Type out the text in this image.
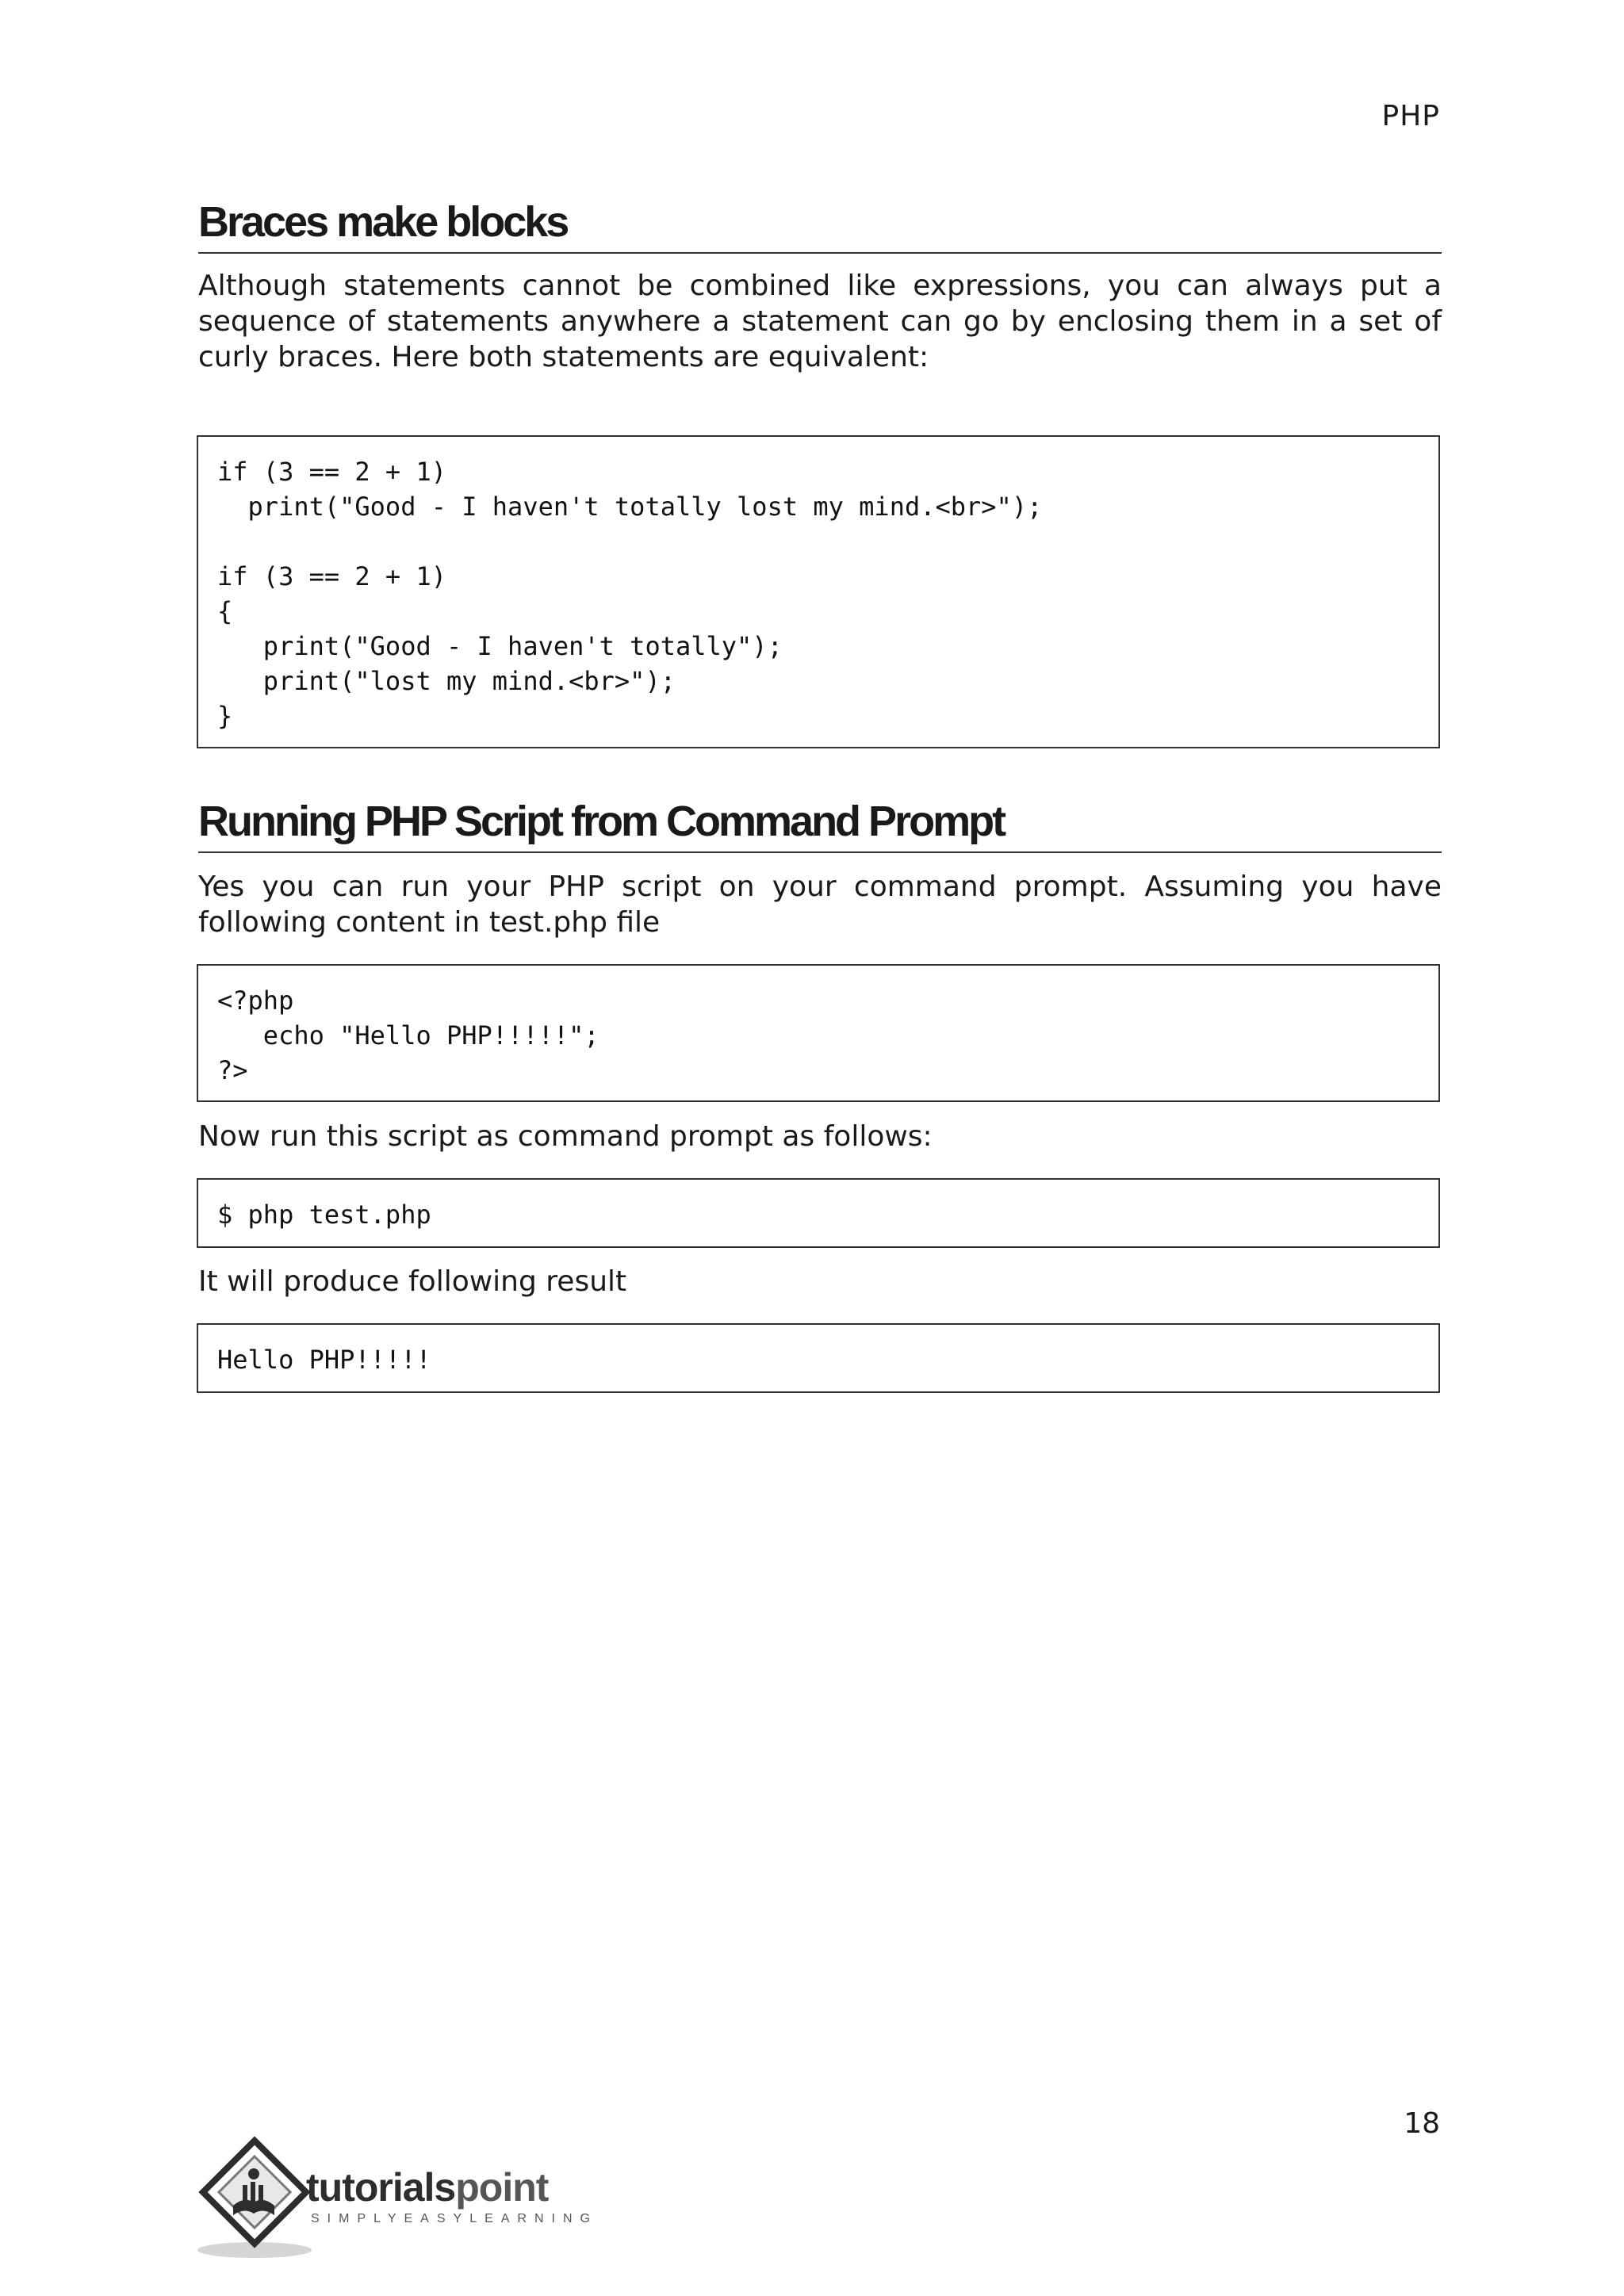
PHP
Braces make blocks

Although statements cannot be combined like expressions, you can always put a sequence of statements anywhere a statement can go by enclosing them in a set of curly braces. Here both statements are equivalent:

if (3 == 2 + 1)
print("Good - I haven't totally lost my mind.<br>");

if (3 == 2 + 1)
{
print("Good - I haven't totally");
print("lost my mind.<br>");
}
Running PHP Script from Command Prompt

Yes you can run your PHP script on your command prompt. Assuming you have following content in test.php file

<?php
echo "Hello PHP!!!!!";
?>

Now run this script as command prompt as follows:

$ php test.php

It will produce following result

Hello PHP!!!!!
18
tutorialspoint
SIMPLYEASYLEARNING
